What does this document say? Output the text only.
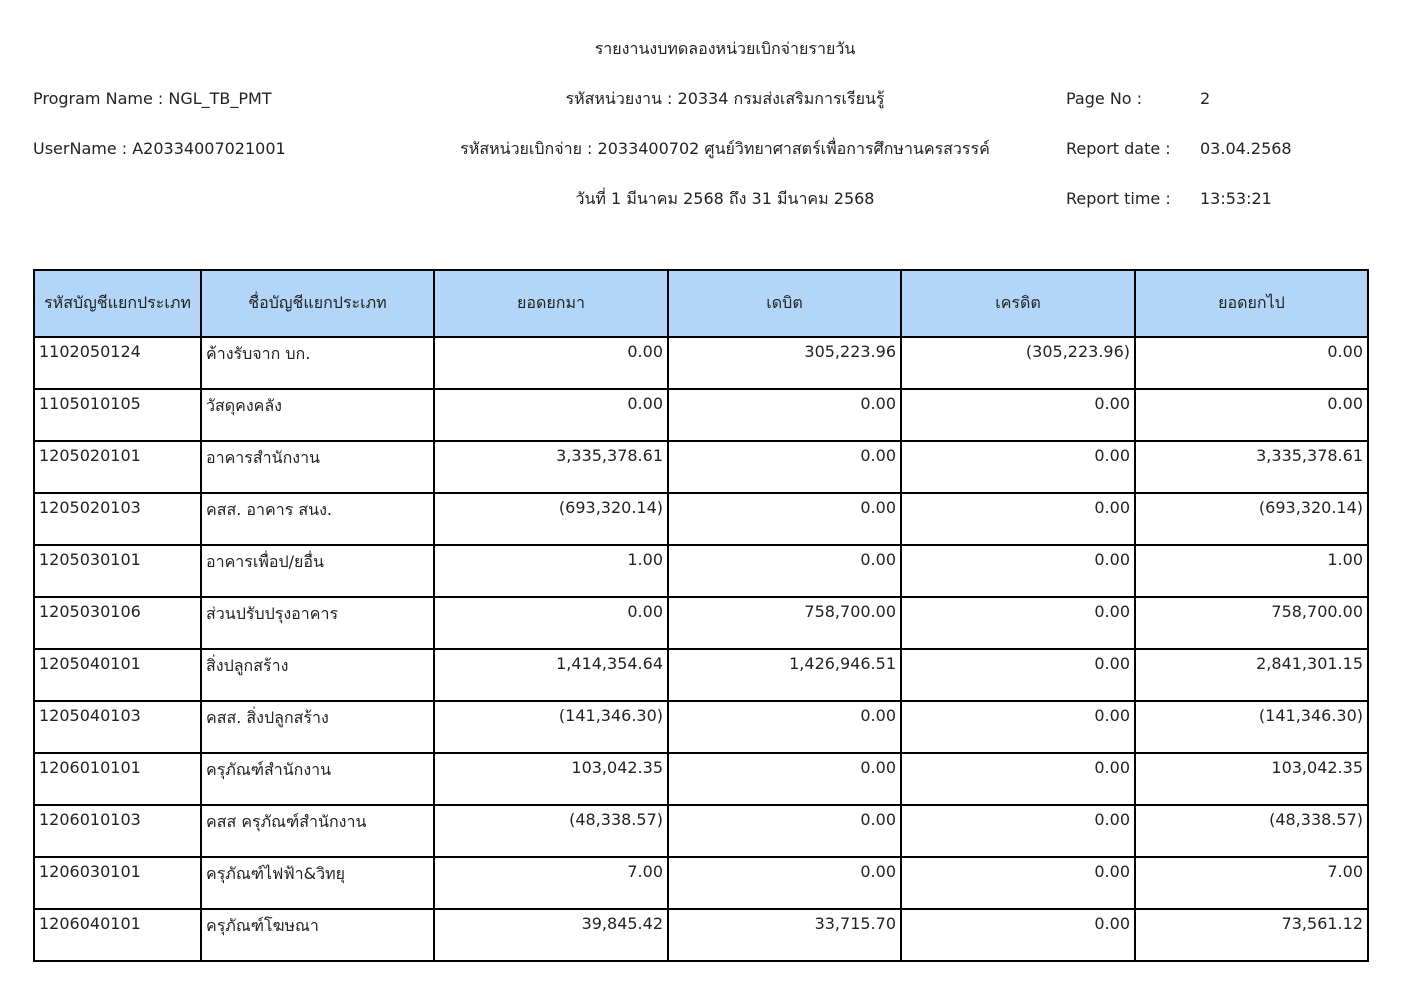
รายงานงบทดลองหน่วยเบิกจ่ายรายวัน
Program Name : NGL_TB_PMT	รหัสหน่วยงาน : 20334 กรมส่งเสริมการเรียนรู้
UserName : A20334007021001	รหัสหน่วยเบิกจ่าย : 2033400702 ศูนย์วิทยาศาสตร์เพื่อการศึกษานครสวรรค์
วันที่ 1 มีนาคม 2568 ถึง 31 มีนาคม 2568
Page No :	2
Report date : 03.04.2568
Report time : 13:53:21
รหัสบัญชีแยกประเภท	ชื่อบัญชีแยกประเภท	ยอดยกมา	เดบิต	เครดิต	ยอดยกไป
1102050124	ค้างรับจาก บก.	0.00	305,223.96	(305,223.96)	0.00
1105010105	วัสดุคงคลัง	0.00	0.00	0.00	0.00
1205020101	อาคารสำนักงาน	3,335,378.61	0.00	0.00	3,335,378.61
1205020103	คสส. อาคาร สนง.	(693,320.14)	0.00	0.00	(693,320.14)
1205030101	อาคารเพื่อป/ยอื่น	1.00	0.00	0.00	1.00
1205030106	ส่วนปรับปรุงอาคาร	0.00	758,700.00	0.00	758,700.00
1205040101	สิ่งปลูกสร้าง	1,414,354.64	1,426,946.51	0.00	2,841,301.15
1205040103	คสส. สิ่งปลูกสร้าง	(141,346.30)	0.00	0.00	(141,346.30)
1206010101	ครุภัณฑ์สำนักงาน	103,042.35	0.00	0.00	103,042.35
1206010103	คสส ครุภัณฑ์สำนักงาน	(48,338.57)	0.00	0.00	(48,338.57)
1206030101	ครุภัณฑ์ไฟฟ้า&วิทยุ	7.00	0.00	0.00	7.00
1206040101	ครุภัณฑ์โฆษณา	39,845.42	33,715.70	0.00	73,561.12
